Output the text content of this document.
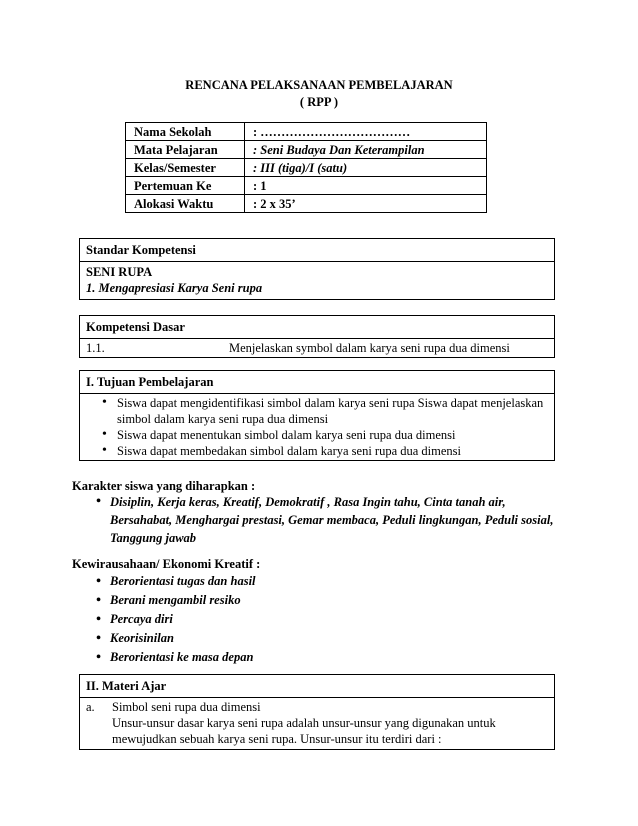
RENCANA PELAKSANAAN PEMBELAJARAN
( RPP )
Nama Sekolah	: ………………………………
Mata Pelajaran	: Seni Budaya Dan Keterampilan
Kelas/Semester	: III (tiga)/I (satu)
Pertemuan Ke	: 1
Alokasi Waktu	: 2 x 35’
Standar Kompetensi
SENI RUPA
1. Mengapresiasi Karya Seni rupa
Kompetensi Dasar
1.1.	Menjelaskan symbol dalam karya seni rupa dua dimensi
I. Tujuan Pembelajaran
• Siswa dapat mengidentifikasi simbol dalam karya seni rupa Siswa dapat menjelaskan simbol dalam karya seni rupa dua dimensi
• Siswa dapat menentukan simbol dalam karya seni rupa dua dimensi
• Siswa dapat membedakan simbol dalam karya seni rupa dua dimensi
Karakter siswa yang diharapkan :
• Disiplin, Kerja keras, Kreatif, Demokratif , Rasa Ingin tahu, Cinta tanah air, Bersahabat, Menghargai prestasi, Gemar membaca, Peduli lingkungan, Peduli sosial, Tanggung jawab
Kewirausahaan/ Ekonomi Kreatif :
• Berorientasi tugas dan hasil
• Berani mengambil resiko
• Percaya diri
• Keorisinilan
• Berorientasi ke masa depan
II. Materi Ajar
a. Simbol seni rupa dua dimensi
Unsur-unsur dasar karya seni rupa adalah unsur-unsur yang digunakan untuk
mewujudkan sebuah karya seni rupa. Unsur-unsur itu terdiri dari :
